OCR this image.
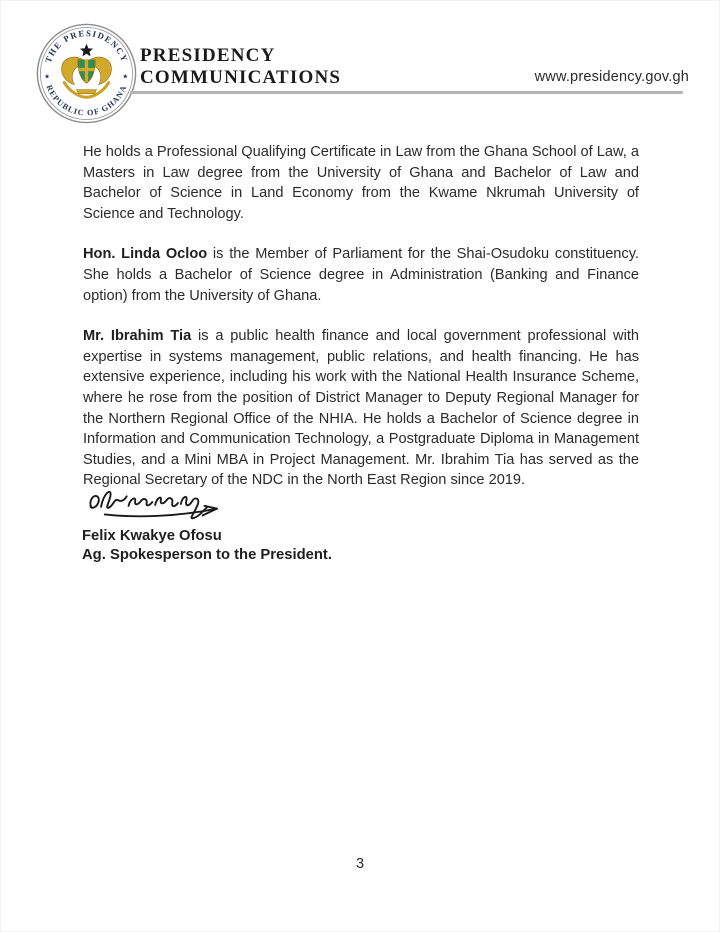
THE PRESIDENCY
REPUBLIC OF GHANA
★	★
PRESIDENCY
COMMUNICATIONS	www.presidency.gov.gh

He holds a Professional Qualifying Certificate in Law from the Ghana School of Law, a Masters in Law degree from the University of Ghana and Bachelor of Law and Bachelor of Science in Land Economy from the Kwame Nkrumah University of Science and Technology.

Hon. Linda Ocloo is the Member of Parliament for the Shai-Osudoku constituency. She holds a Bachelor of Science degree in Administration (Banking and Finance option) from the University of Ghana.

Mr. Ibrahim Tia is a public health finance and local government professional with expertise in systems management, public relations, and health financing. He has extensive experience, including his work with the National Health Insurance Scheme, where he rose from the position of District Manager to Deputy Regional Manager for the Northern Regional Office of the NHIA. He holds a Bachelor of Science degree in Information and Communication Technology, a Postgraduate Diploma in Management Studies, and a Mini MBA in Project Management. Mr. Ibrahim Tia has served as the Regional Secretary of the NDC in the North East Region since 2019.

Felix Kwakye Ofosu
Ag. Spokesperson to the President.
3
